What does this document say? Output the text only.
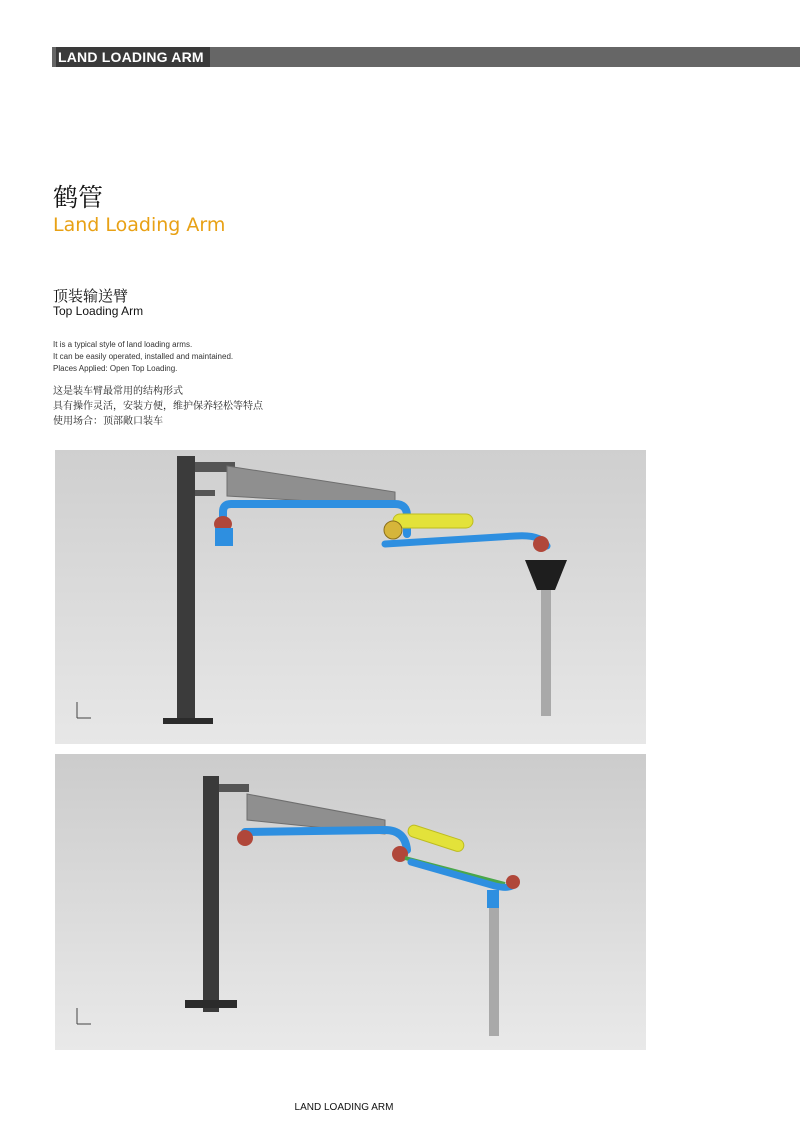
LAND LOADING ARM
鹤管
Land Loading Arm
顶装输送臂
Top Loading Arm
It is a typical style of land loading arms.
It can be easily operated, installed and maintained.
Places Applied: Open Top Loading.
这是装车臂最常用的结构形式
具有操作灵活，安装方便，维护保养轻松等特点
使用场合：顶部敞口装车
LAND LOADING ARM
